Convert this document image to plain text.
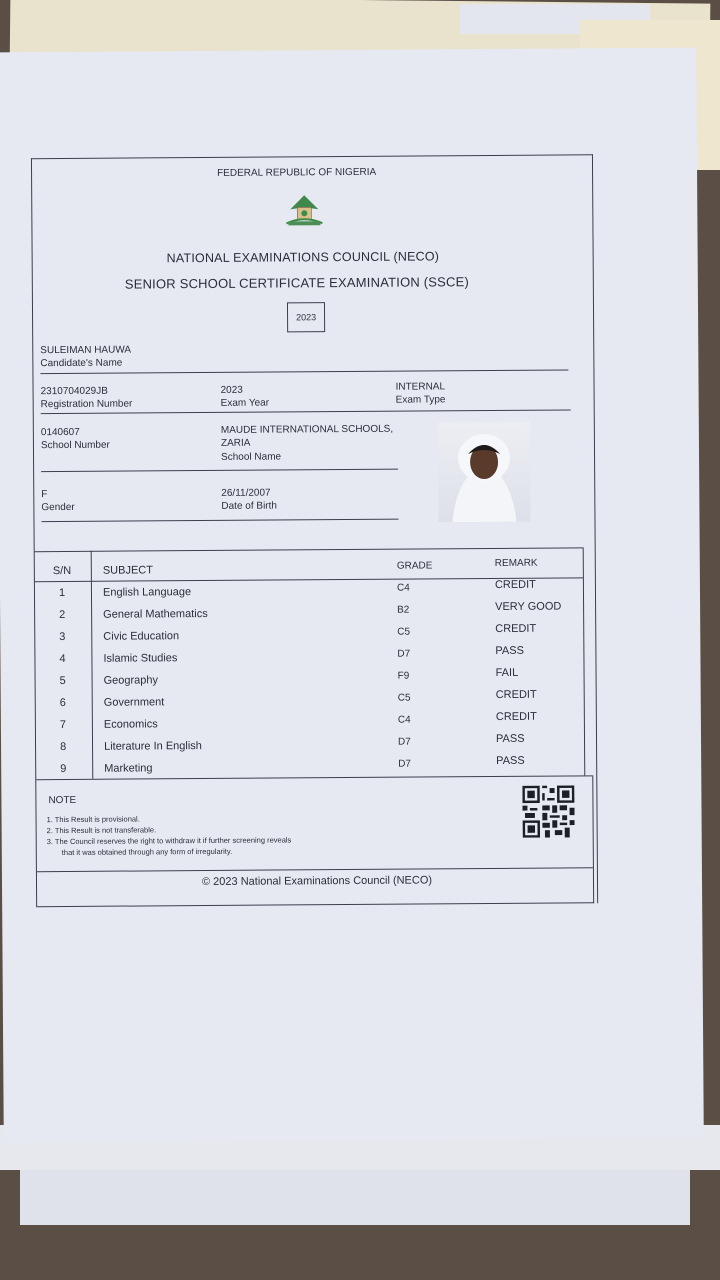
FEDERAL REPUBLIC OF NIGERIA
NATIONAL EXAMINATIONS COUNCIL (NECO)
SENIOR SCHOOL CERTIFICATE EXAMINATION (SSCE)
2023
SULEIMAN HAUWA
Candidate's Name
2310704029JB
Registration Number
2023
Exam Year
INTERNAL
Exam Type
0140607
School Number
MAUDE INTERNATIONAL SCHOOLS,
ZARIA
School Name
F
Gender
26/11/2007
Date of Birth
S/N	SUBJECT	GRADE	REMARK
1	English Language	C4	CREDIT
2	General Mathematics	B2	VERY GOOD
3	Civic Education	C5	CREDIT
4	Islamic Studies	D7	PASS
5	Geography	F9	FAIL
6	Government	C5	CREDIT
7	Economics	C4	CREDIT
8	Literature In English	D7	PASS
9	Marketing	D7	PASS
NOTE
1. This Result is provisional.
2. This Result is not transferable.
3. The Council reserves the right to withdraw it if further screening reveals
that it was obtained through any form of irregularity.
© 2023 National Examinations Council (NECO)
